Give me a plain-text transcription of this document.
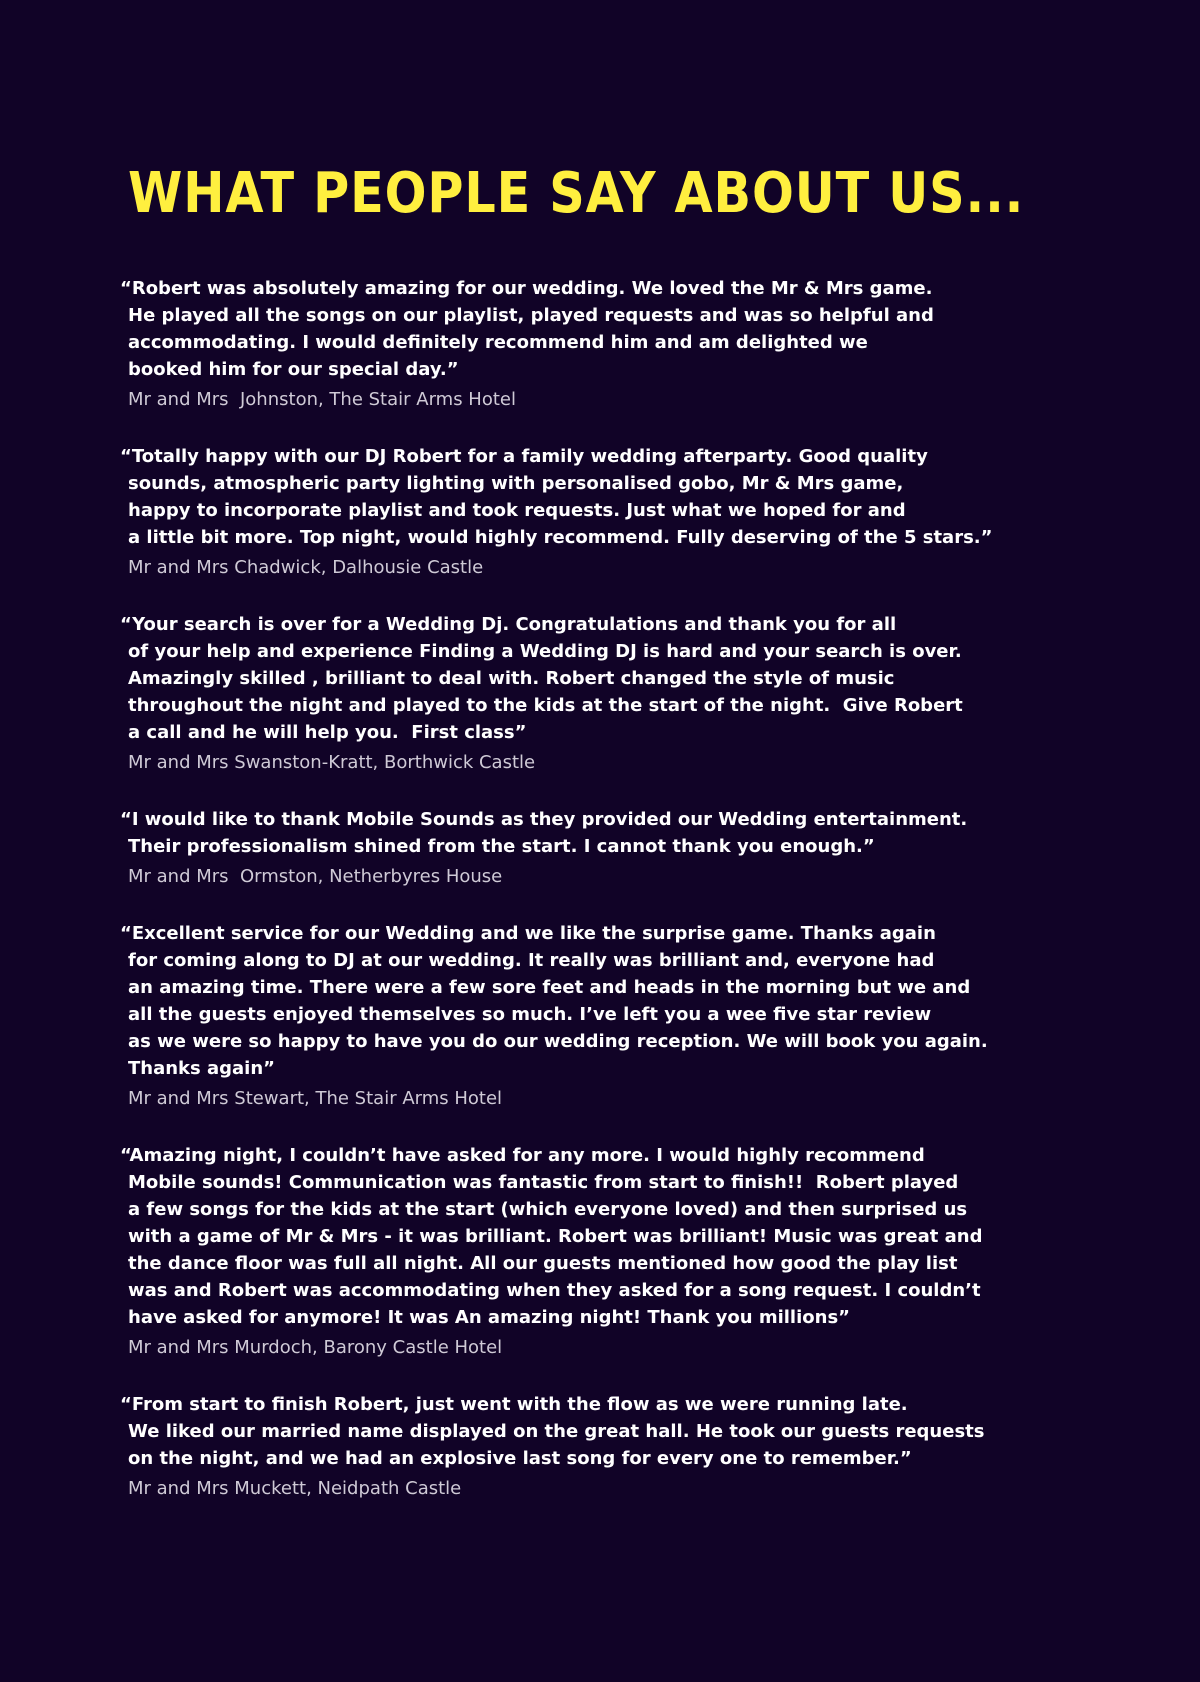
WHAT PEOPLE SAY ABOUT US...

“Robert was absolutely amazing for our wedding. We loved the Mr & Mrs game.
He played all the songs on our playlist, played requests and was so helpful and
accommodating. I would definitely recommend him and am delighted we
booked him for our special day.”

Mr and Mrs  Johnston, The Stair Arms Hotel

“Totally happy with our DJ Robert for a family wedding afterparty. Good quality
sounds, atmospheric party lighting with personalised gobo, Mr & Mrs game,
happy to incorporate playlist and took requests. Just what we hoped for and
a little bit more. Top night, would highly recommend. Fully deserving of the 5 stars.”

Mr and Mrs Chadwick, Dalhousie Castle

“Your search is over for a Wedding Dj. Congratulations and thank you for all
of your help and experience Finding a Wedding DJ is hard and your search is over.
Amazingly skilled , brilliant to deal with. Robert changed the style of music
throughout the night and played to the kids at the start of the night.  Give Robert
a call and he will help you.  First class”

Mr and Mrs Swanston-Kratt, Borthwick Castle

“I would like to thank Mobile Sounds as they provided our Wedding entertainment.
Their professionalism shined from the start. I cannot thank you enough.”

Mr and Mrs  Ormston, Netherbyres House

“Excellent service for our Wedding and we like the surprise game. Thanks again
for coming along to DJ at our wedding. It really was brilliant and, everyone had
an amazing time. There were a few sore feet and heads in the morning but we and
all the guests enjoyed themselves so much. I’ve left you a wee five star review
as we were so happy to have you do our wedding reception. We will book you again.
Thanks again”

Mr and Mrs Stewart, The Stair Arms Hotel

“Amazing night, I couldn’t have asked for any more. I would highly recommend
Mobile sounds! Communication was fantastic from start to finish!!  Robert played
a few songs for the kids at the start (which everyone loved) and then surprised us
with a game of Mr & Mrs - it was brilliant. Robert was brilliant! Music was great and
the dance floor was full all night. All our guests mentioned how good the play list
was and Robert was accommodating when they asked for a song request. I couldn’t
have asked for anymore! It was An amazing night! Thank you millions”

Mr and Mrs Murdoch, Barony Castle Hotel

“From start to finish Robert, just went with the flow as we were running late.
We liked our married name displayed on the great hall. He took our guests requests
on the night, and we had an explosive last song for every one to remember.”

Mr and Mrs Muckett, Neidpath Castle
